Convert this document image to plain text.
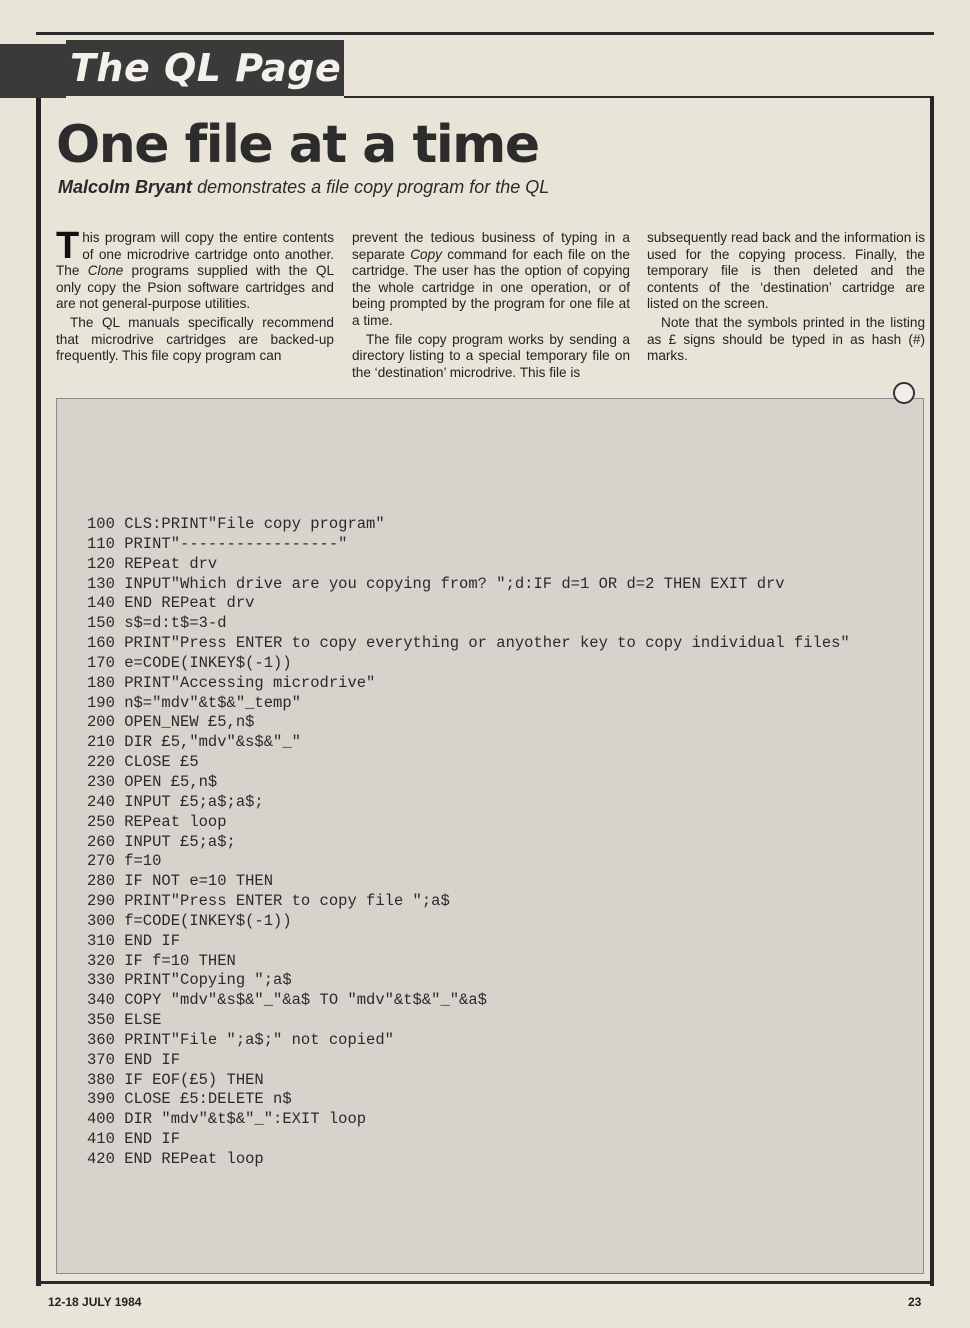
The QL Page
One file at a time
Malcolm Bryant demonstrates a file copy program for the QL

This program will copy the entire contents of one microdrive cartridge onto another. The Clone programs supplied with the QL only copy the Psion software cartridges and are not general-purpose utilities.

The QL manuals specifically recommend that microdrive cartridges are backed-up frequently. This file copy program can

prevent the tedious business of typing in a separate Copy command for each file on the cartridge. The user has the option of copying the whole cartridge in one operation, or of being prompted by the program for one file at a time.

The file copy program works by sending a directory listing to a special temporary file on the ‘destination’ microdrive. This file is

subsequently read back and the information is used for the copying process. Finally, the temporary file is then deleted and the contents of the ‘destination’ cartridge are listed on the screen.

Note that the symbols printed in the listing as £ signs should be typed in as hash (#) marks.

100 CLS:PRINT"File copy program"
110 PRINT"-----------------"
120 REPeat drv
130 INPUT"Which drive are you copying from? ";d:IF d=1 OR d=2 THEN EXIT drv
140 END REPeat drv
150 s$=d:t$=3-d
160 PRINT"Press ENTER to copy everything or anyother key to copy individual files"
170 e=CODE(INKEY$(-1))
180 PRINT"Accessing microdrive"
190 n$="mdv"&t$&"_temp"
200 OPEN_NEW £5,n$
210 DIR £5,"mdv"&s$&"_"
220 CLOSE £5
230 OPEN £5,n$
240 INPUT £5;a$;a$;
250 REPeat loop
260 INPUT £5;a$;
270 f=10
280 IF NOT e=10 THEN
290 PRINT"Press ENTER to copy file ";a$
300 f=CODE(INKEY$(-1))
310 END IF
320 IF f=10 THEN
330 PRINT"Copying ";a$
340 COPY "mdv"&s$&"_"&a$ TO "mdv"&t$&"_"&a$
350 ELSE
360 PRINT"File ";a$;" not copied"
370 END IF
380 IF EOF(£5) THEN
390 CLOSE £5:DELETE n$
400 DIR "mdv"&t$&"_":EXIT loop
410 END IF
420 END REPeat loop
12-18 JULY 1984	23
